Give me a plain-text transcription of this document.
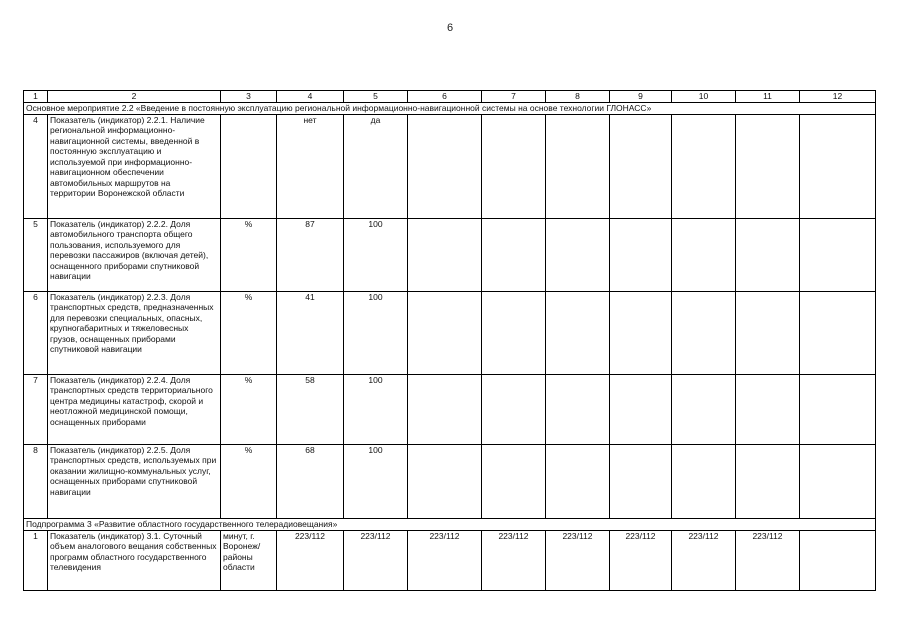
6
1	2	3	4	5	6	7	8	9	10	11	12
Основное мероприятие 2.2 «Введение в постоянную эксплуатацию региональной информационно-навигационной системы на основе технологии ГЛОНАСС»											
4	Показатель (индикатор) 2.2.1. Наличие региональной информационно-навигационной системы, введенной в постоянную эксплуатацию и используемой при информационно-навигационном обеспечении автомобильных маршрутов на территории Воронежской области		нет	да							
5	Показатель (индикатор) 2.2.2. Доля автомобильного транспорта общего пользования, используемого для перевозки пассажиров (включая детей), оснащенного приборами спутниковой навигации	%	87	100							
6	Показатель (индикатор) 2.2.3. Доля транспортных средств, предназначенных для перевозки специальных, опасных, крупногабаритных и тяжеловесных грузов, оснащенных приборами спутниковой навигации	%	41	100							
7	Показатель (индикатор) 2.2.4. Доля транспортных средств территориального центра медицины катастроф, скорой и неотложной медицинской помощи, оснащенных приборами	%	58	100							
8	Показатель (индикатор) 2.2.5. Доля транспортных средств, используемых при оказании жилищно-коммунальных услуг, оснащенных приборами спутниковой навигации	%	68	100							
Подпрограмма 3 «Развитие областного государственного телерадиовещания»											
1	Показатель (индикатор) 3.1. Суточный объем аналогового вещания собственных программ областного государственного телевидения	минут, г. Воронеж/ районы области	223/112	223/112	223/112	223/112	223/112	223/112	223/112	223/112	
